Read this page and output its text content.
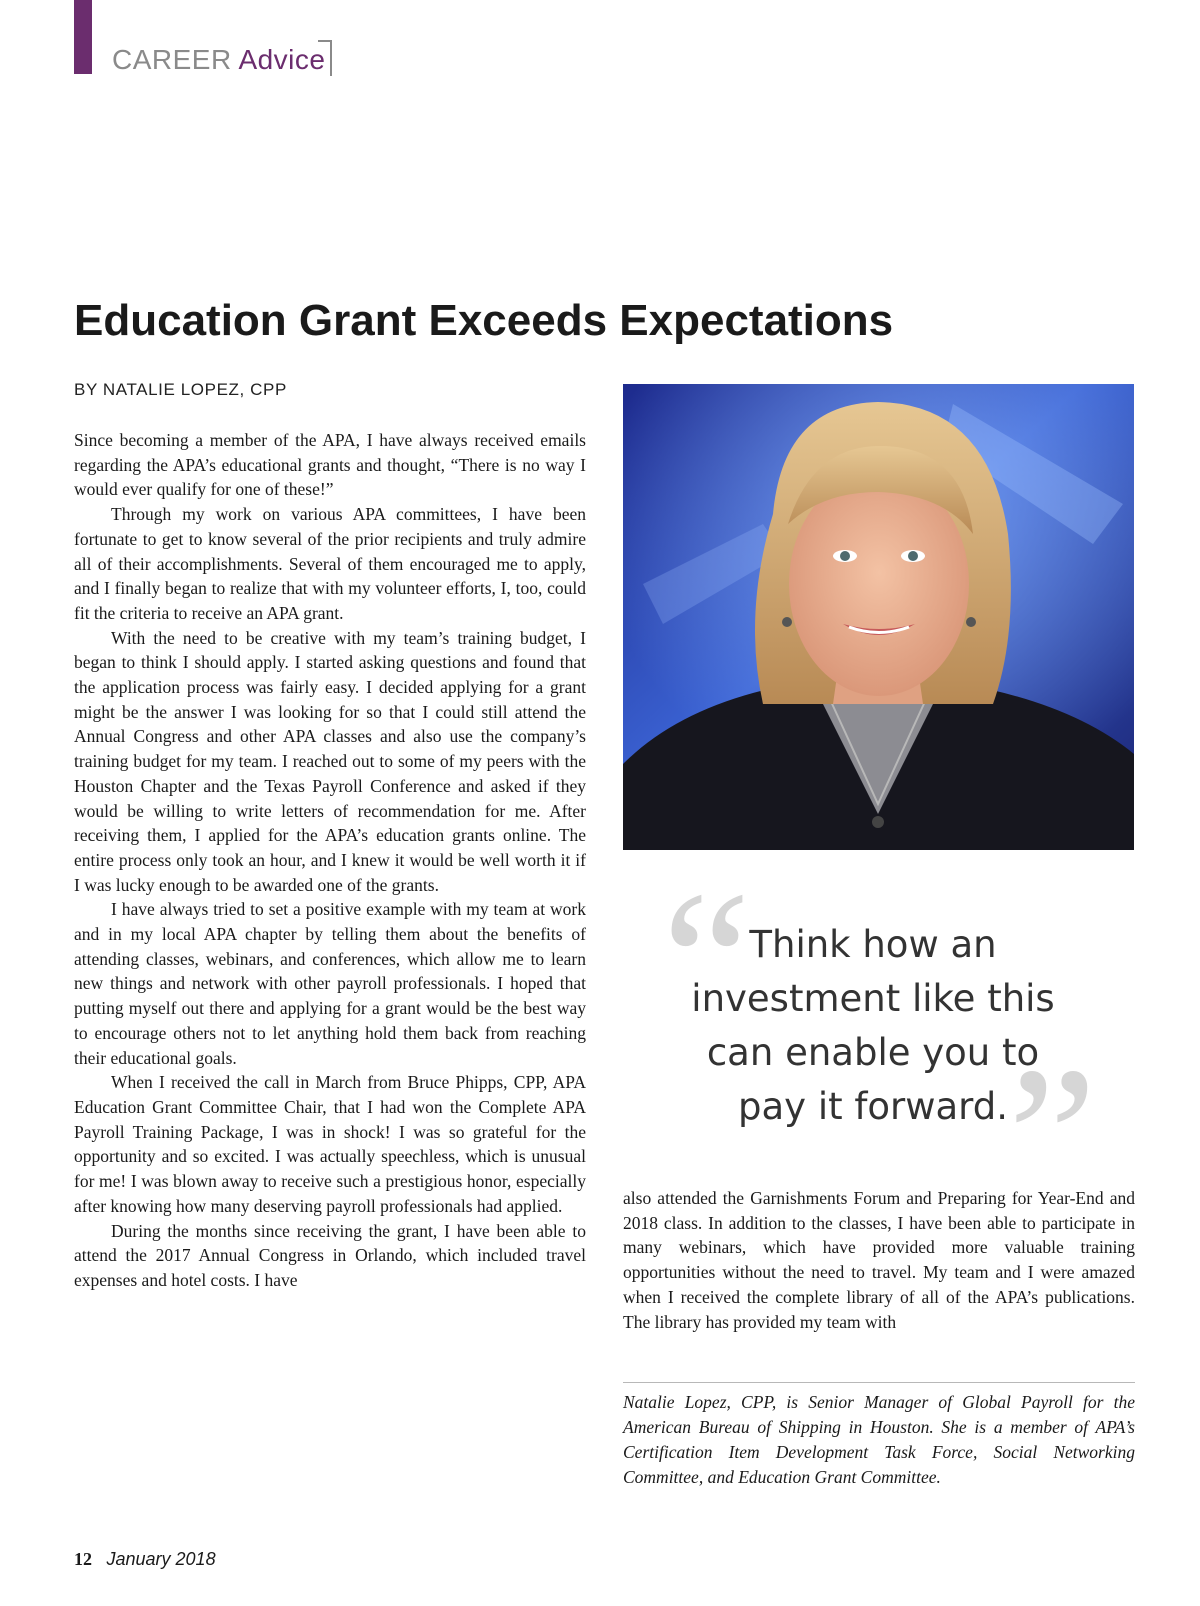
CAREER Advice
Education Grant Exceeds Expectations
BY NATALIE LOPEZ, CPP

Since becoming a member of the APA, I have always received emails regarding the APA’s educational grants and thought, “There is no way I would ever qualify for one of these!”

Through my work on various APA committees, I have been fortunate to get to know several of the prior recipients and truly admire all of their accomplishments. Several of them encouraged me to apply, and I finally began to realize that with my volunteer efforts, I, too, could fit the criteria to receive an APA grant.

With the need to be creative with my team’s training budget, I began to think I should apply. I started asking questions and found that the application process was fairly easy. I decided applying for a grant might be the answer I was looking for so that I could still attend the Annual Congress and other APA classes and also use the company’s training budget for my team. I reached out to some of my peers with the Houston Chapter and the Texas Payroll Conference and asked if they would be willing to write letters of recommendation for me. After receiving them, I applied for the APA’s education grants online. The entire process only took an hour, and I knew it would be well worth it if I was lucky enough to be awarded one of the grants.

I have always tried to set a positive example with my team at work and in my local APA chapter by telling them about the benefits of attending classes, webinars, and conferences, which allow me to learn new things and network with other payroll professionals. I hoped that putting myself out there and applying for a grant would be the best way to encourage others not to let anything hold them back from reaching their educational goals.

When I received the call in March from Bruce Phipps, CPP, APA Education Grant Committee Chair, that I had won the Complete APA Payroll Training Package, I was in shock! I was so grateful for the opportunity and so excited. I was actually speechless, which is unusual for me! I was blown away to receive such a prestigious honor, especially after knowing how many deserving payroll professionals had applied.

During the months since receiving the grant, I have been able to attend the 2017 Annual Congress in Orlando, which included travel expenses and hotel costs. I have

“

Think how an investment like this can enable you to pay it forward. ”

also attended the Garnishments Forum and Preparing for Year-End and 2018 class. In addition to the classes, I have been able to participate in many webinars, which have provided more valuable training opportunities without the need to travel. My team and I were amazed when I received the complete library of all of the APA’s publications. The library has provided my team with

Natalie Lopez, CPP, is Senior Manager of Global Payroll for the American Bureau of Shipping in Houston. She is a member of APA’s Certification Item Development Task Force, Social Networking Committee, and Education Grant Committee.

12 January 2018
